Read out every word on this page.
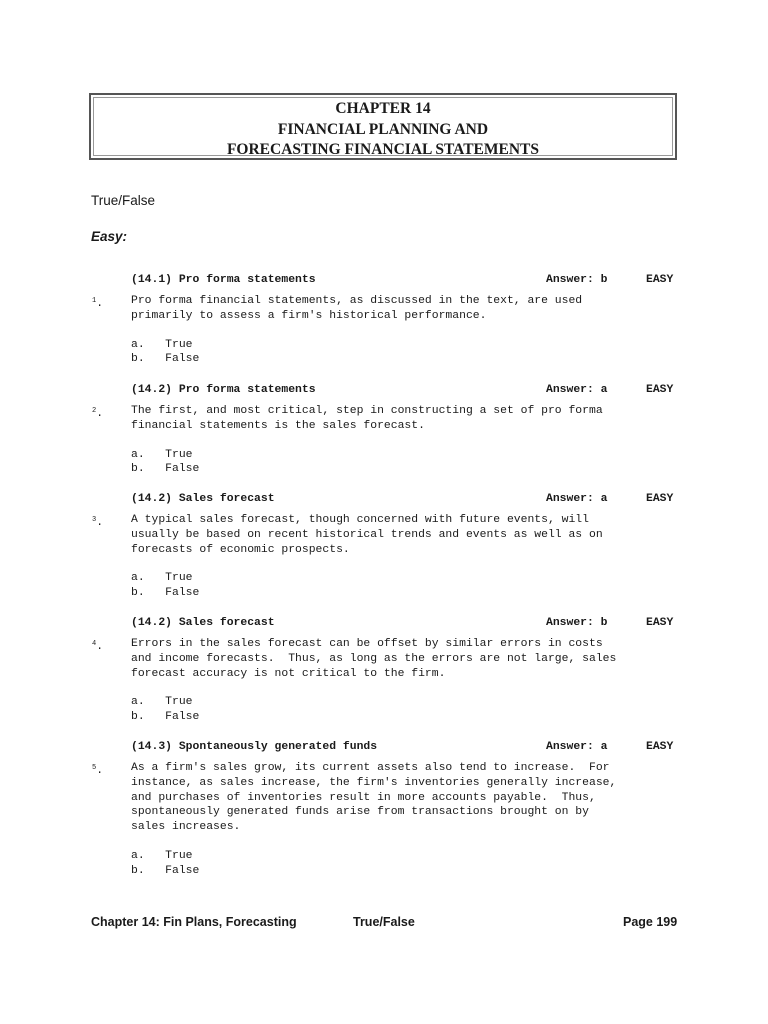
CHAPTER 14
FINANCIAL PLANNING AND
FORECASTING FINANCIAL STATEMENTS
True/False
Easy:
(14.1) Pro forma statements	Answer: b	EASY
$^1$. Pro forma financial statements, as discussed in the text, are used
primarily to assess a firm's historical performance.
a.   True
b.   False
(14.2) Pro forma statements	Answer: a	EASY
$^2$. The first, and most critical, step in constructing a set of pro forma
financial statements is the sales forecast.
a.   True
b.   False
(14.2) Sales forecast	Answer: a	EASY
$^3$. A typical sales forecast, though concerned with future events, will
usually be based on recent historical trends and events as well as on
forecasts of economic prospects.
a.   True
b.   False
(14.2) Sales forecast	Answer: b	EASY
$^4$. Errors in the sales forecast can be offset by similar errors in costs
and income forecasts.  Thus, as long as the errors are not large, sales
forecast accuracy is not critical to the firm.
a.   True
b.   False
(14.3) Spontaneously generated funds	Answer: a	EASY
$^5$. As a firm's sales grow, its current assets also tend to increase.  For
instance, as sales increase, the firm's inventories generally increase,
and purchases of inventories result in more accounts payable.  Thus,
spontaneously generated funds arise from transactions brought on by
sales increases.
a.   True
b.   False
Chapter 14: Fin Plans, Forecasting	True/False	Page 199
